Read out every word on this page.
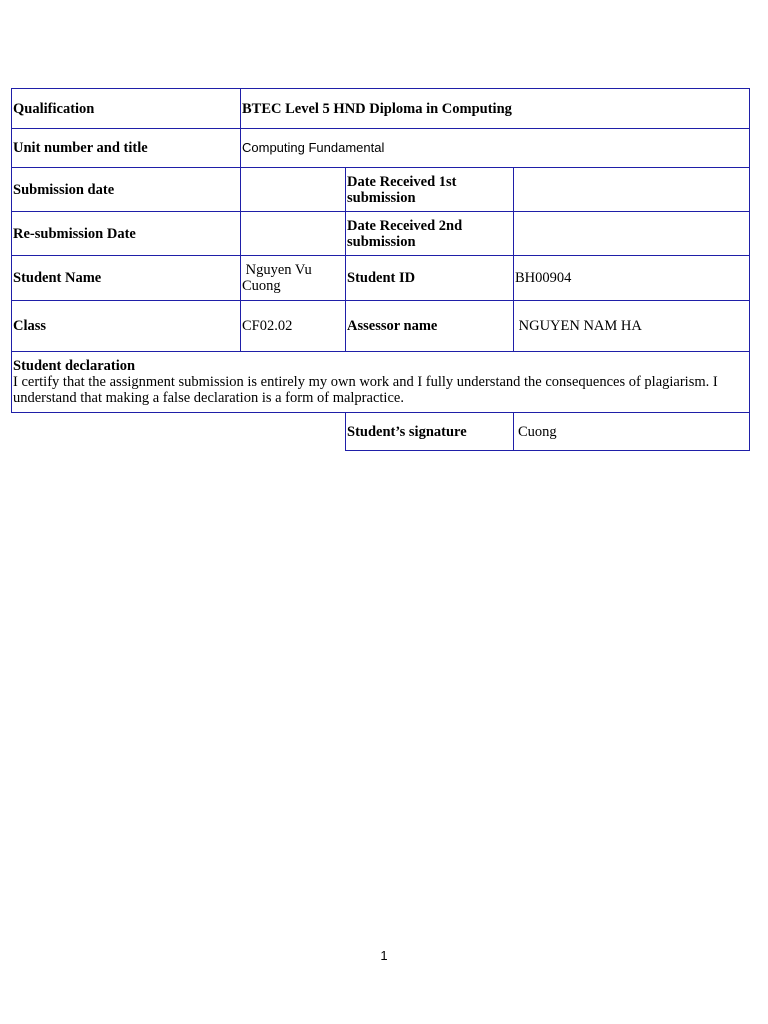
Qualification	BTEC Level 5 HND Diploma in Computing		
Unit number and title	Computing Fundamental		
Submission date		Date Received 1st submission	
Re-submission Date		Date Received 2nd submission	
Student Name	Nguyen Vu Cuong	Student ID	BH00904
Class	CF02.02	Assessor name	NGUYEN NAM HA

Student declaration
I certify that the assignment submission is entirely my own work and I fully understand the consequences of plagiarism. I understand that making a false declaration is a form of malpractice.			

		Student’s signature	Cuong
1
